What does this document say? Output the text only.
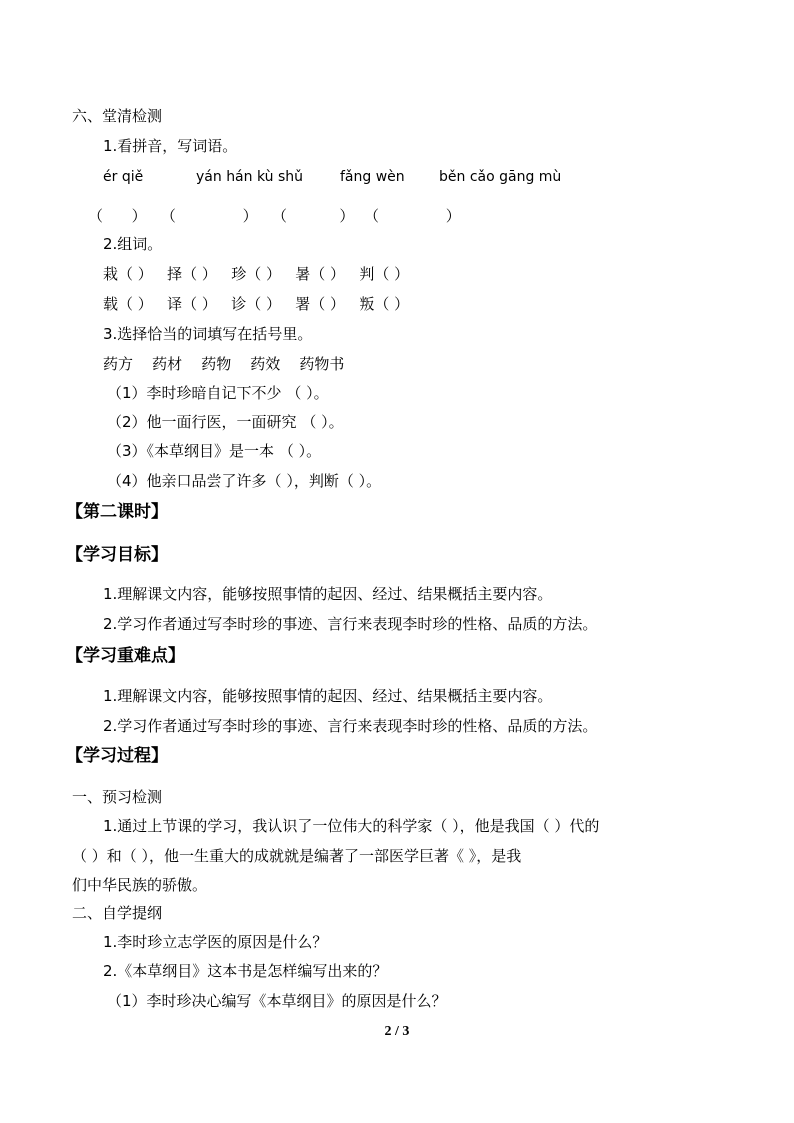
六、堂清检测
1.看拼音，写词语。
ér qiě	yán hán kù shǔ	fǎng wèn běn cǎo gāng mù
（      ）   （              ）   （           ）  （              ）
2.组词。
栽（ ） 择（ ） 珍（ ） 暑（ ） 判（ ）
载（ ） 译（ ） 诊（ ） 署（ ） 叛（ ）
3.选择恰当的词填写在括号里。
药方 药材 药物 药效 药物书
（1）李时珍暗自记下不少 （ ）。
（2）他一面行医，一面研究 （ ）。
（3）《本草纲目》是一本 （ ）。
（4）他亲口品尝了许多（ ），判断（ ）。
【第二课时】
【学习目标】
1.理解课文内容，能够按照事情的起因、经过、结果概括主要内容。
2.学习作者通过写李时珍的事迹、言行来表现李时珍的性格、品质的方法。
【学习重难点】
1.理解课文内容，能够按照事情的起因、经过、结果概括主要内容。
2.学习作者通过写李时珍的事迹、言行来表现李时珍的性格、品质的方法。
【学习过程】
一、预习检测
1.通过上节课的学习，我认识了一位伟大的科学家（ ），他是我国（ ）代的
（ ）和（ ），他一生重大的成就就是编著了一部医学巨著《 》，是我
们中华民族的骄傲。
二、自学提纲
1.李时珍立志学医的原因是什么？
2.《本草纲目》这本书是怎样编写出来的？
（1）李时珍决心编写《本草纲目》的原因是什么？
2 / 3
